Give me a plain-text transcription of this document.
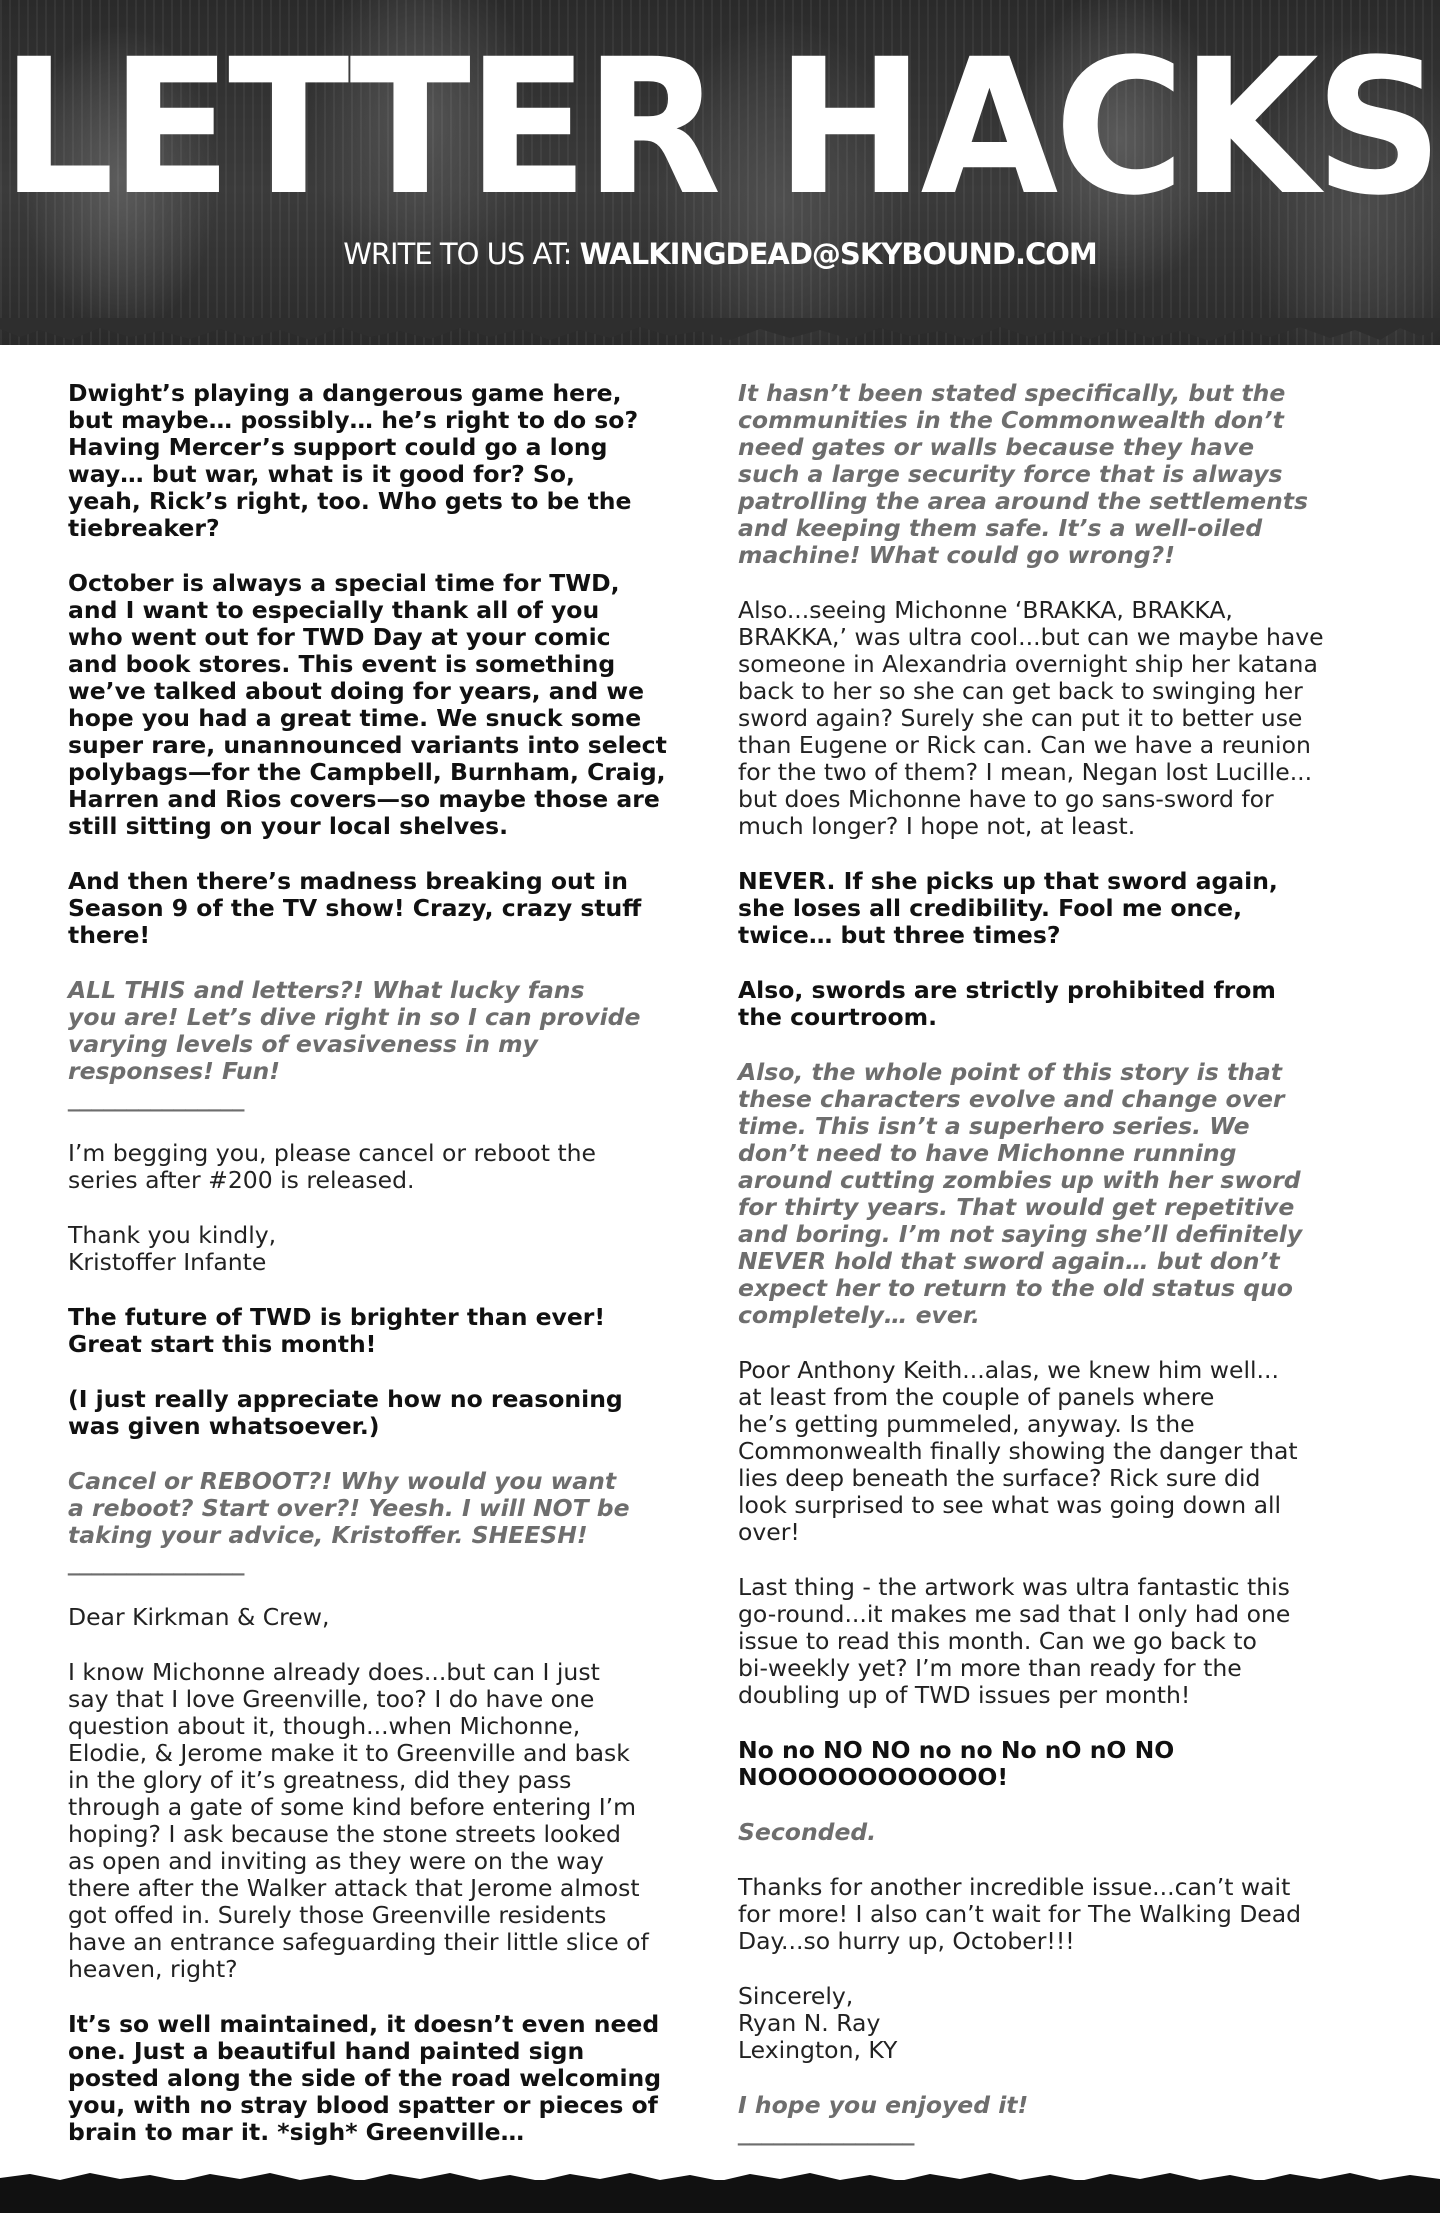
LETTER HACKS
WRITE TO US AT: WALKINGDEAD@SKYBOUND.COM

Dwight’s playing a dangerous game here,
but maybe… possibly… he’s right to do so?
Having Mercer’s support could go a long
way… but war, what is it good for? So,
yeah, Rick’s right, too. Who gets to be the
tiebreaker?

October is always a special time for TWD,
and I want to especially thank all of you
who went out for TWD Day at your comic
and book stores. This event is something
we’ve talked about doing for years, and we
hope you had a great time. We snuck some
super rare, unannounced variants into select
polybags—for the Campbell, Burnham, Craig,
Harren and Rios covers—so maybe those are
still sitting on your local shelves.

And then there’s madness breaking out in
Season 9 of the TV show! Crazy, crazy stuff
there!

ALL THIS and letters?! What lucky fans
you are! Let’s dive right in so I can provide
varying levels of evasiveness in my
responses! Fun!
_______________

I’m begging you, please cancel or reboot the
series after #200 is released.

Thank you kindly,
Kristoffer Infante

The future of TWD is brighter than ever!
Great start this month!

(I just really appreciate how no reasoning
was given whatsoever.)

Cancel or REBOOT?! Why would you want
a reboot? Start over?! Yeesh. I will NOT be
taking your advice, Kristoffer. SHEESH!
_______________

Dear Kirkman & Crew,

I know Michonne already does...but can I just
say that I love Greenville, too? I do have one
question about it, though...when Michonne,
Elodie, & Jerome make it to Greenville and bask
in the glory of it’s greatness, did they pass
through a gate of some kind before entering I’m
hoping? I ask because the stone streets looked
as open and inviting as they were on the way
there after the Walker attack that Jerome almost
got offed in. Surely those Greenville residents
have an entrance safeguarding their little slice of
heaven, right?

It’s so well maintained, it doesn’t even need
one. Just a beautiful hand painted sign
posted along the side of the road welcoming
you, with no stray blood spatter or pieces of
brain to mar it. *sigh* Greenville…

It hasn’t been stated specifically, but the
communities in the Commonwealth don’t
need gates or walls because they have
such a large security force that is always
patrolling the area around the settlements
and keeping them safe. It’s a well-oiled
machine! What could go wrong?!

Also...seeing Michonne ‘BRAKKA, BRAKKA,
BRAKKA,’ was ultra cool...but can we maybe have
someone in Alexandria overnight ship her katana
back to her so she can get back to swinging her
sword again? Surely she can put it to better use
than Eugene or Rick can. Can we have a reunion
for the two of them? I mean, Negan lost Lucille...
but does Michonne have to go sans-sword for
much longer? I hope not, at least.

NEVER. If she picks up that sword again,
she loses all credibility. Fool me once,
twice… but three times?

Also, swords are strictly prohibited from
the courtroom.

Also, the whole point of this story is that
these characters evolve and change over
time. This isn’t a superhero series. We
don’t need to have Michonne running
around cutting zombies up with her sword
for thirty years. That would get repetitive
and boring. I’m not saying she’ll definitely
NEVER hold that sword again… but don’t
expect her to return to the old status quo
completely… ever.

Poor Anthony Keith...alas, we knew him well...
at least from the couple of panels where
he’s getting pummeled, anyway. Is the
Commonwealth finally showing the danger that
lies deep beneath the surface? Rick sure did
look surprised to see what was going down all
over!

Last thing - the artwork was ultra fantastic this
go-round...it makes me sad that I only had one
issue to read this month. Can we go back to
bi-weekly yet? I’m more than ready for the
doubling up of TWD issues per month!

No no NO NO no no No nO nO NO
NOOOOOOOOOOOO!

Seconded.

Thanks for another incredible issue...can’t wait
for more! I also can’t wait for The Walking Dead
Day...so hurry up, October!!!

Sincerely,
Ryan N. Ray
Lexington, KY

I hope you enjoyed it!
_______________
